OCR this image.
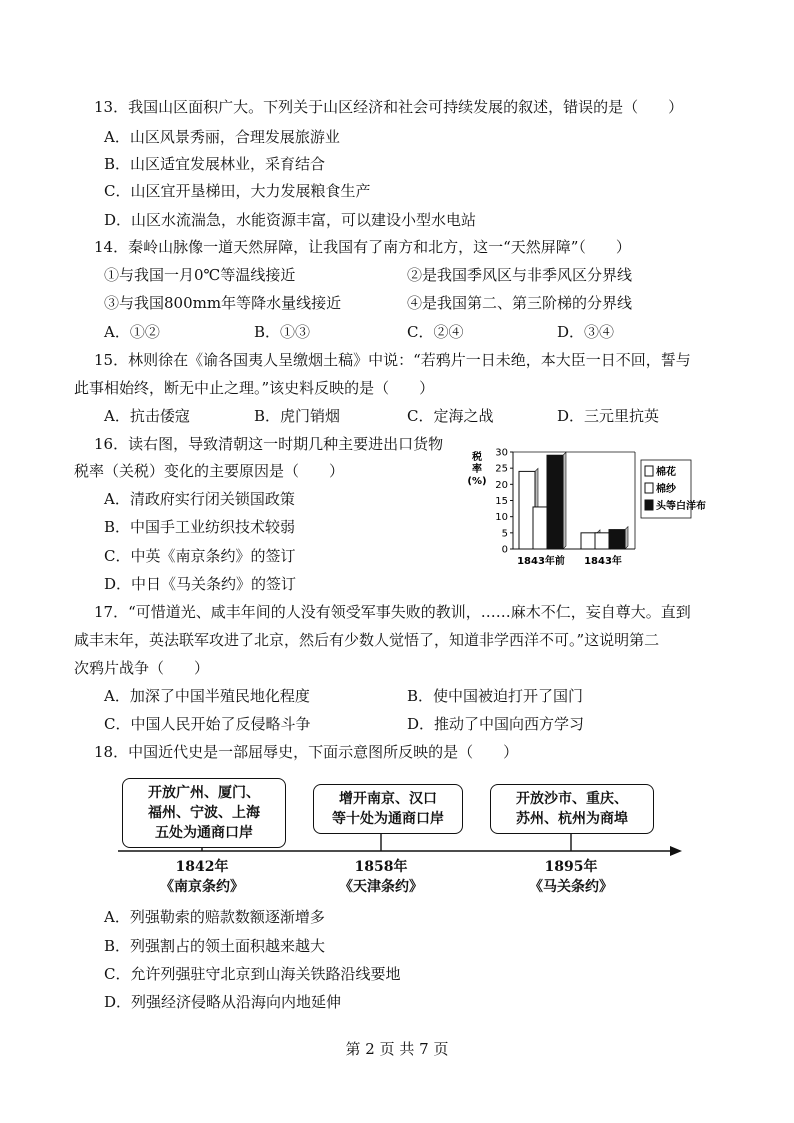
13．我国山区面积广大。下列关于山区经济和社会可持续发展的叙述，错误的是（　　）
A．山区风景秀丽，合理发展旅游业
B．山区适宜发展林业，采育结合
C．山区宜开垦梯田，大力发展粮食生产
D．山区水流湍急，水能资源丰富，可以建设小型水电站
14．秦岭山脉像一道天然屏障，让我国有了南方和北方，这一“天然屏障”（　　）
①与我国一月0℃等温线接近	②是我国季风区与非季风区分界线
③与我国800mm年等降水量线接近	④是我国第二、第三阶梯的分界线
A．①②	B．①③	C．②④	D．③④
15．林则徐在《谕各国夷人呈缴烟土稿》中说：“若鸦片一日未绝，本大臣一日不回，誓与
此事相始终，断无中止之理。”该史料反映的是（　　）
A．抗击倭寇	B．虎门销烟	C．定海之战	D．三元里抗英
16．读右图，导致清朝这一时期几种主要进出口货物
税率（关税）变化的主要原因是（　　）
A．清政府实行闭关锁国政策
B．中国手工业纺织技术较弱
C．中英《南京条约》的签订
D．中日《马关条约》的签订
税率(%)
0
5
10
15
20
25
30
1843年前 1843年
棉花
棉纱
头等白洋布
17．“可惜道光、咸丰年间的人没有领受军事失败的教训，……麻木不仁，妄自尊大。直到
咸丰末年，英法联军攻进了北京，然后有少数人觉悟了，知道非学西洋不可。”这说明第二
次鸦片战争（　　）
A．加深了中国半殖民地化程度	B．使中国被迫打开了国门
C．中国人民开始了反侵略斗争	D．推动了中国向西方学习
18．中国近代史是一部屈辱史，下面示意图所反映的是（　　）
开放广州、厦门、
福州、宁波、上海
五处为通商口岸
增开南京、汉口
等十处为通商口岸
开放沙市、重庆、
苏州、杭州为商埠
1842年	1858年	1895年
《南京条约》	《天津条约》	《马关条约》
A．列强勒索的赔款数额逐渐增多
B．列强割占的领土面积越来越大
C．允许列强驻守北京到山海关铁路沿线要地
D．列强经济侵略从沿海向内地延伸
第 2 页 共 7 页
